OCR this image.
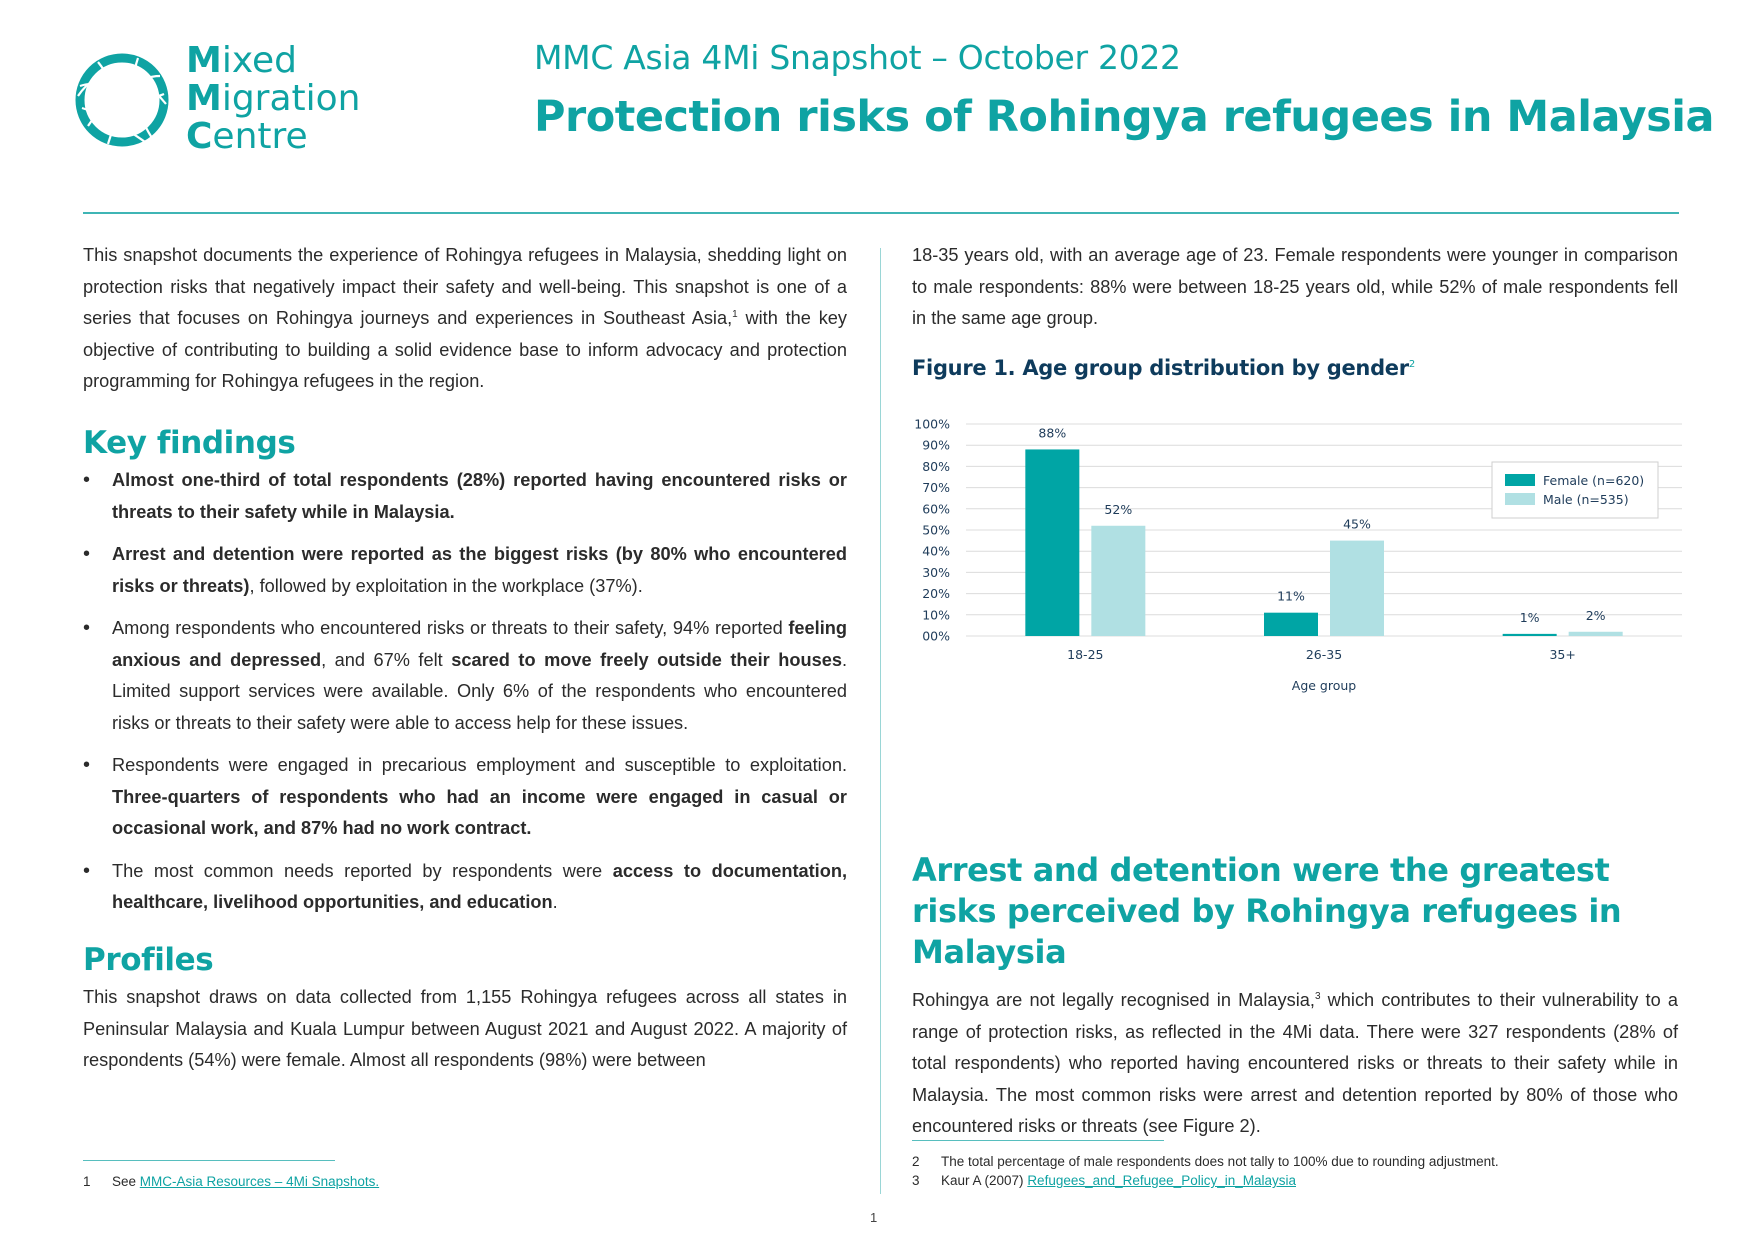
Mixed
Migration
Centre
MMC Asia 4Mi Snapshot – October 2022
Protection risks of Rohingya refugees in Malaysia

This snapshot documents the experience of Rohingya refugees in Malaysia, shedding light on protection risks that negatively impact their safety and well-being. This snapshot is one of a series that focuses on Rohingya journeys and experiences in Southeast Asia,$^1$ with the key objective of contributing to building a solid evidence base to inform advocacy and protection programming for Rohingya refugees in the region.

Key findings
• Almost one-third of total respondents (28%) reported having encountered risks or threats to their safety while in Malaysia.
• Arrest and detention were reported as the biggest risks (by 80% who encountered risks or threats), followed by exploitation in the workplace (37%).
• Among respondents who encountered risks or threats to their safety, 94% reported feeling anxious and depressed, and 67% felt scared to move freely outside their houses. Limited support services were available. Only 6% of the respondents who encountered risks or threats to their safety were able to access help for these issues.
• Respondents were engaged in precarious employment and susceptible to exploitation. Three-quarters of respondents who had an income were engaged in casual or occasional work, and 87% had no work contract.
• The most common needs reported by respondents were access to documentation, healthcare, livelihood opportunities, and education.
Profiles

This snapshot draws on data collected from 1,155 Rohingya refugees across all states in Peninsular Malaysia and Kuala Lumpur between August 2021 and August 2022. A majority of respondents (54%) were female. Almost all respondents (98%) were between

18-35 years old, with an average age of 23. Female respondents were younger in comparison to male respondents: 88% were between 18-25 years old, while 52% of male respondents fell in the same age group.

Figure 1. Age group distribution by gender$^2$

00%
10%
20%
30%
40%
50%
60%
70%
80%
90%
100%
88%
52%
18-25
11%
45%
26-35
1%	2%
35+
Age group
Female (n=620)
Male (n=535)
Arrest and detention were the greatest risks perceived by Rohingya refugees in Malaysia

Rohingya are not legally recognised in Malaysia,$^3$ which contributes to their vulnerability to a range of protection risks, as reflected in the 4Mi data. There were 327 respondents (28% of total respondents) who reported having encountered risks or threats to their safety while in Malaysia. The most common risks were arrest and detention reported by 80% of those who encountered risks or threats (see Figure 2).

1 See MMC-Asia Resources – 4Mi Snapshots.
2 The total percentage of male respondents does not tally to 100% due to rounding adjustment.
3 Kaur A (2007) Refugees_and_Refugee_Policy_in_Malaysia
1
